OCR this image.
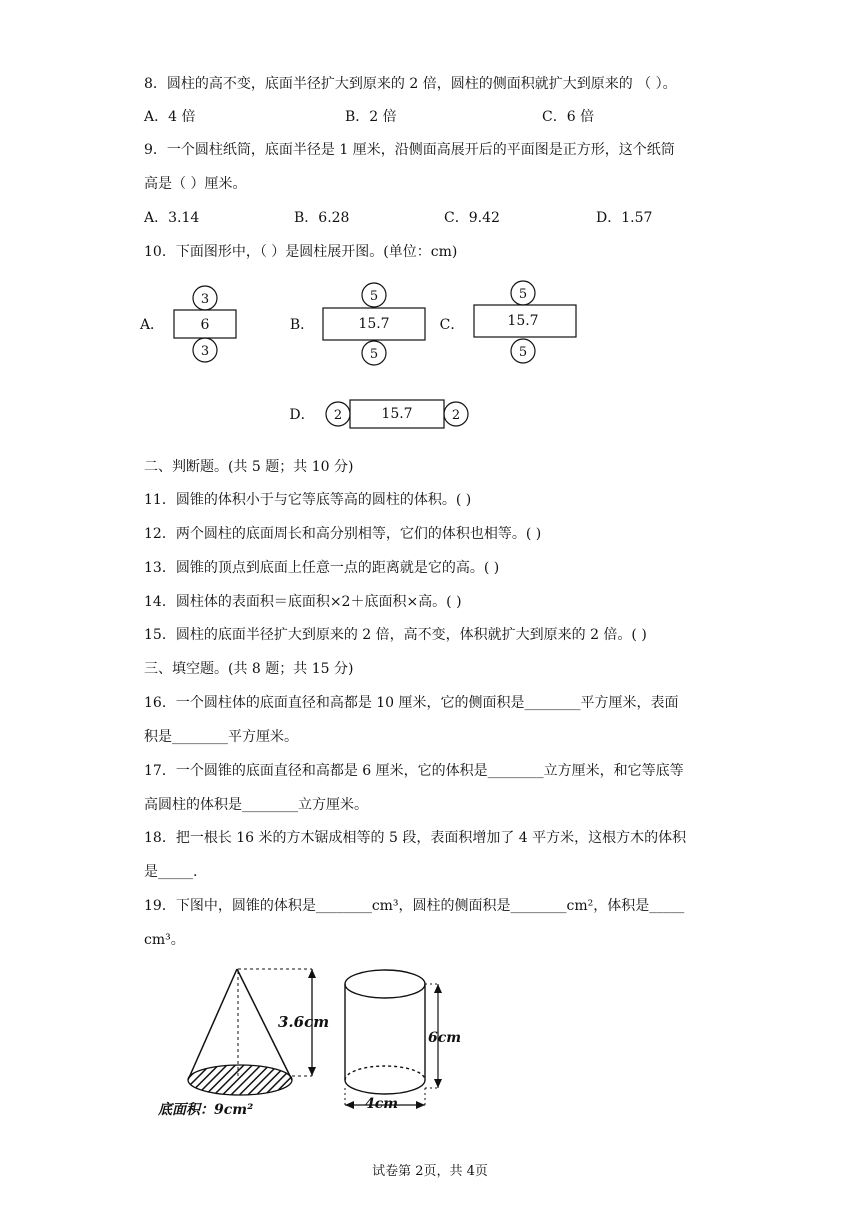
8．圆柱的高不变，底面半径扩大到原来的 2 倍，圆柱的侧面积就扩大到原来的 （ ）。
A．4 倍	B．2 倍	C．6 倍
9．一个圆柱纸筒，底面半径是 1 厘米，沿侧面高展开后的平面图是正方形，这个纸筒
高是（ ）厘米。
A．3.14	B．6.28	C．9.42	D．1.57
10．下面图形中，（ ）是圆柱展开图。(单位：cm)
A．	6
3
3
B．	15.7
5
5
C．	15.7
5
5
D．	15.7
2	2
二、判断题。(共 5 题；共 10 分)
11．圆锥的体积小于与它等底等高的圆柱的体积。( )
12．两个圆柱的底面周长和高分别相等，它们的体积也相等。( )
13．圆锥的顶点到底面上任意一点的距离就是它的高。( )
14．圆柱体的表面积＝底面积×2＋底面积×高。( )
15．圆柱的底面半径扩大到原来的 2 倍，高不变，体积就扩大到原来的 2 倍。( )
三、填空题。(共 8 题；共 15 分)
16．一个圆柱体的底面直径和高都是 10 厘米，它的侧面积是________平方厘米，表面
积是________平方厘米。
17．一个圆锥的底面直径和高都是 6 厘米，它的体积是________立方厘米，和它等底等
高圆柱的体积是________立方厘米。
18．把一根长 16 米的方木锯成相等的 5 段，表面积增加了 4 平方米，这根方木的体积
是_____.
19．下图中，圆锥的体积是________cm³，圆柱的侧面积是________cm²，体积是_____
cm³。
3.6cm
底面积：9cm²
6cm
4cm
试卷第 2页，共 4页
